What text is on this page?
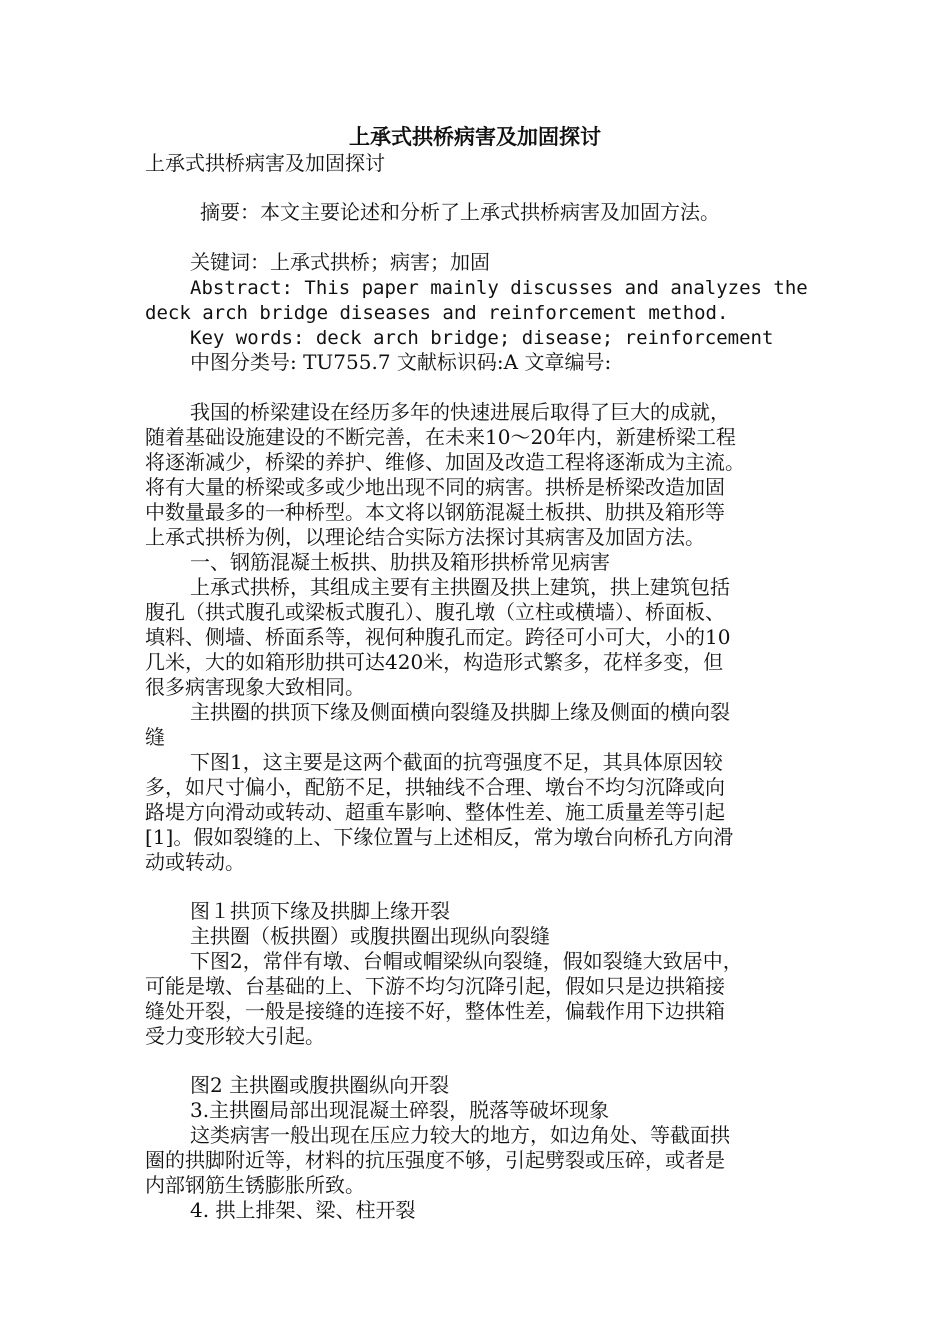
上承式拱桥病害及加固探讨
上承式拱桥病害及加固探讨
摘要：本文主要论述和分析了上承式拱桥病害及加固方法。
关键词：上承式拱桥；病害；加固
Abstract: This paper mainly discusses and analyzes the
deck arch bridge diseases and reinforcement method.
Key words: deck arch bridge; disease; reinforcement
中图分类号: TU755.7 文献标识码:A 文章编号:
我国的桥梁建设在经历多年的快速进展后取得了巨大的成就，
随着基础设施建设的不断完善，在未来10～20年内，新建桥梁工程
将逐渐减少，桥梁的养护、维修、加固及改造工程将逐渐成为主流。
将有大量的桥梁或多或少地出现不同的病害。拱桥是桥梁改造加固
中数量最多的一种桥型。本文将以钢筋混凝土板拱、肋拱及箱形等
上承式拱桥为例，以理论结合实际方法探讨其病害及加固方法。
一、钢筋混凝土板拱、肋拱及箱形拱桥常见病害
上承式拱桥，其组成主要有主拱圈及拱上建筑，拱上建筑包括
腹孔（拱式腹孔或梁板式腹孔）、腹孔墩（立柱或横墙）、桥面板、
填料、侧墙、桥面系等，视何种腹孔而定。跨径可小可大，小的10
几米，大的如箱形肋拱可达420米，构造形式繁多，花样多变，但
很多病害现象大致相同。
主拱圈的拱顶下缘及侧面横向裂缝及拱脚上缘及侧面的横向裂
缝
下图1，这主要是这两个截面的抗弯强度不足，其具体原因较
多，如尺寸偏小，配筋不足，拱轴线不合理、墩台不均匀沉降或向
路堤方向滑动或转动、超重车影响、整体性差、施工质量差等引起
[1]。假如裂缝的上、下缘位置与上述相反，常为墩台向桥孔方向滑
动或转动。
图１拱顶下缘及拱脚上缘开裂
主拱圈（板拱圈）或腹拱圈出现纵向裂缝
下图2，常伴有墩、台帽或帽梁纵向裂缝，假如裂缝大致居中，
可能是墩、台基础的上、下游不均匀沉降引起，假如只是边拱箱接
缝处开裂，一般是接缝的连接不好，整体性差，偏载作用下边拱箱
受力变形较大引起。
图2 主拱圈或腹拱圈纵向开裂
3.主拱圈局部出现混凝土碎裂，脱落等破坏现象
这类病害一般出现在压应力较大的地方，如边角处、等截面拱
圈的拱脚附近等，材料的抗压强度不够，引起劈裂或压碎，或者是
内部钢筋生锈膨胀所致。
4. 拱上排架、梁、柱开裂
